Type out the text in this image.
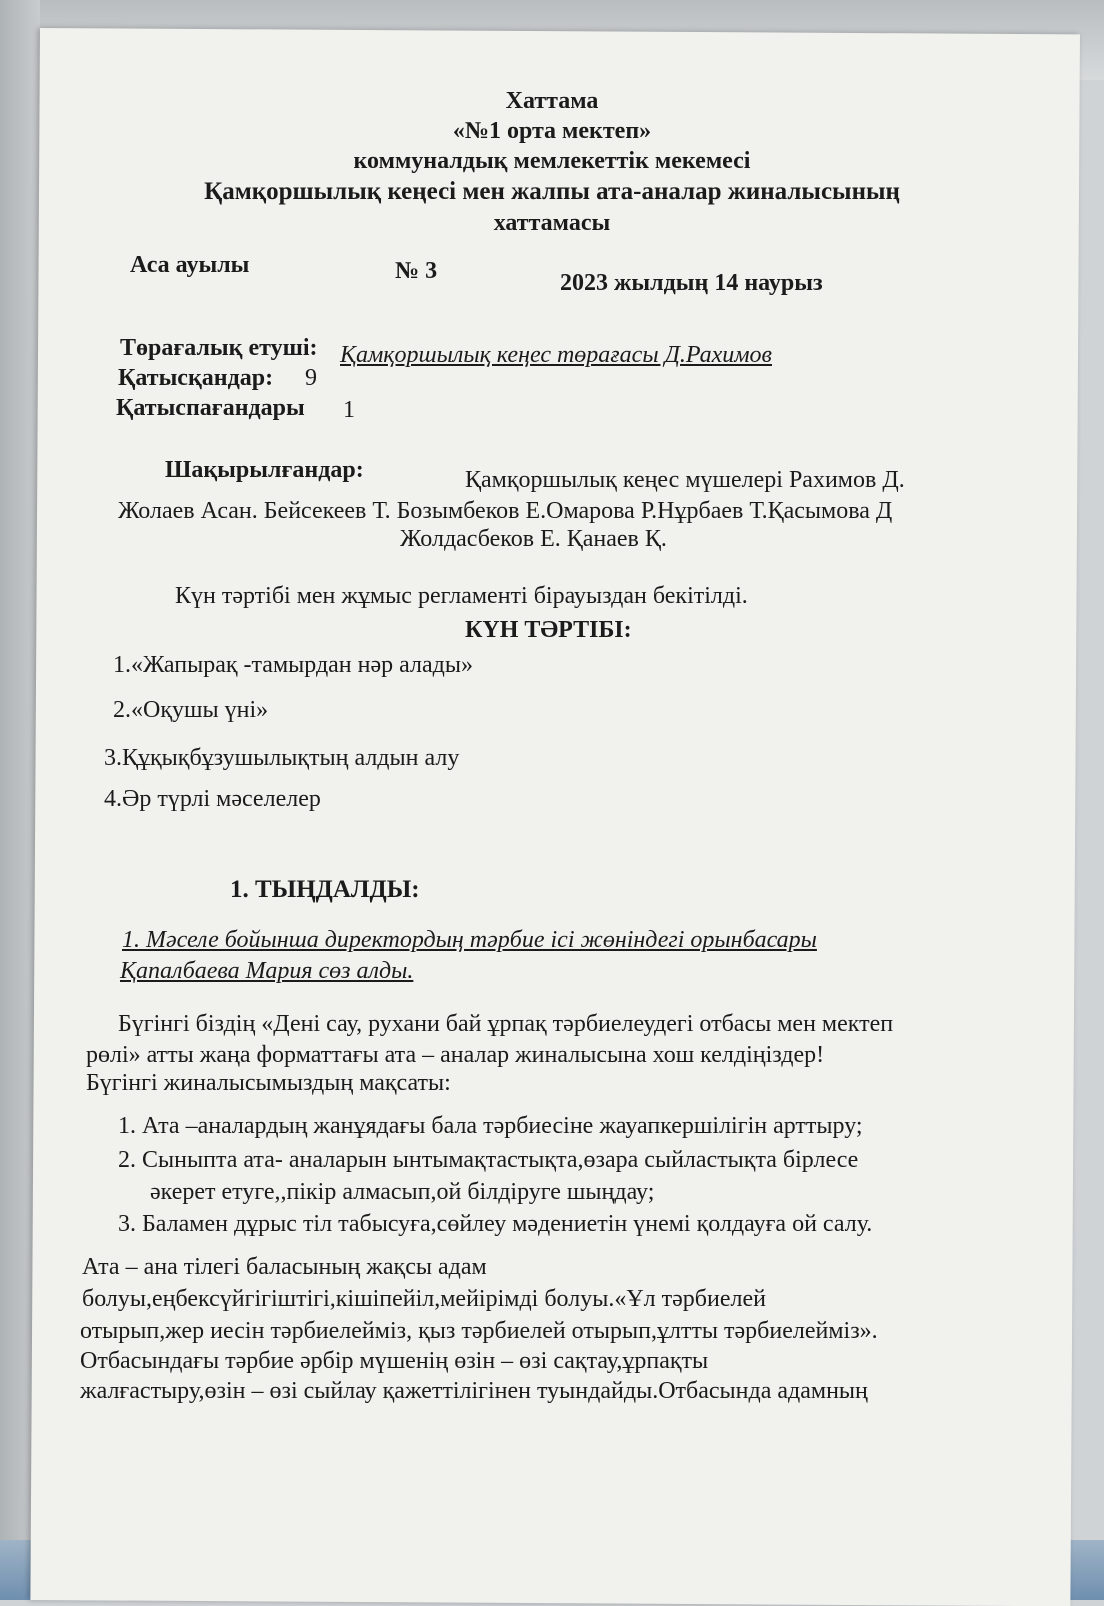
Хаттама
«№1 орта мектеп»
коммуналдық мемлекеттік мекемесі
Қамқоршылық кеңесі мен жалпы ата-аналар жиналысының
хаттамасы
Аса ауылы	№ 3	2023 жылдың 14 наурыз
Төрағалық етуші: Қамқоршылық кеңес төрағасы Д.Рахимов
Қатысқандар: 9
Қатыспағандары 1
Шақырылғандар:	Қамқоршылық кеңес мүшелері Рахимов Д.
Жолаев Асан. Бейсекеев Т. Бозымбеков Е.Омарова Р.Нұрбаев Т.Қасымова Д
Жолдасбеков Е. Қанаев Қ.
Күн тәртібі мен жұмыс регламенті бірауыздан бекітілді.
КҮН ТӘРТІБІ:
1.«Жапырақ -тамырдан нәр алады»
2.«Оқушы үні»
3.Құқықбұзушылықтың алдын алу
4.Әр түрлі мәселелер
1. ТЫҢДАЛДЫ:
1. Мәселе бойынша директордың тәрбие ісі жөніндегі орынбасары
Қапалбаева Мария сөз алды.
Бүгінгі біздің «Дені сау, рухани бай ұрпақ тәрбиелеудегі отбасы мен мектеп
рөлі» атты жаңа форматтағы ата – аналар жиналысына хош келдіңіздер!
Бүгінгі жиналысымыздың мақсаты:
1. Ата –аналардың жанұядағы бала тәрбиесіне жауапкершілігін арттыру;
2. Сыныпта ата- аналарын ынтымақтастықта,өзара сыйластықта бірлесе
әкерет етуге,,пікір алмасып,ой білдіруге шыңдау;
3. Баламен дұрыс тіл табысуға,сөйлеу мәдениетін үнемі қолдауға ой салу.
Ата – ана тілегі баласының жақсы адам
болуы,еңбексүйгігіштігі,кішіпейіл,мейірімді болуы.«Ұл тәрбиелей
отырып,жер иесін тәрбиелейміз, қыз тәрбиелей отырып,ұлтты тәрбиелейміз».
Отбасындағы тәрбие әрбір мүшенің өзін – өзі сақтау,ұрпақты
жалғастыру,өзін – өзі сыйлау қажеттілігінен туындайды.Отбасында адамның
